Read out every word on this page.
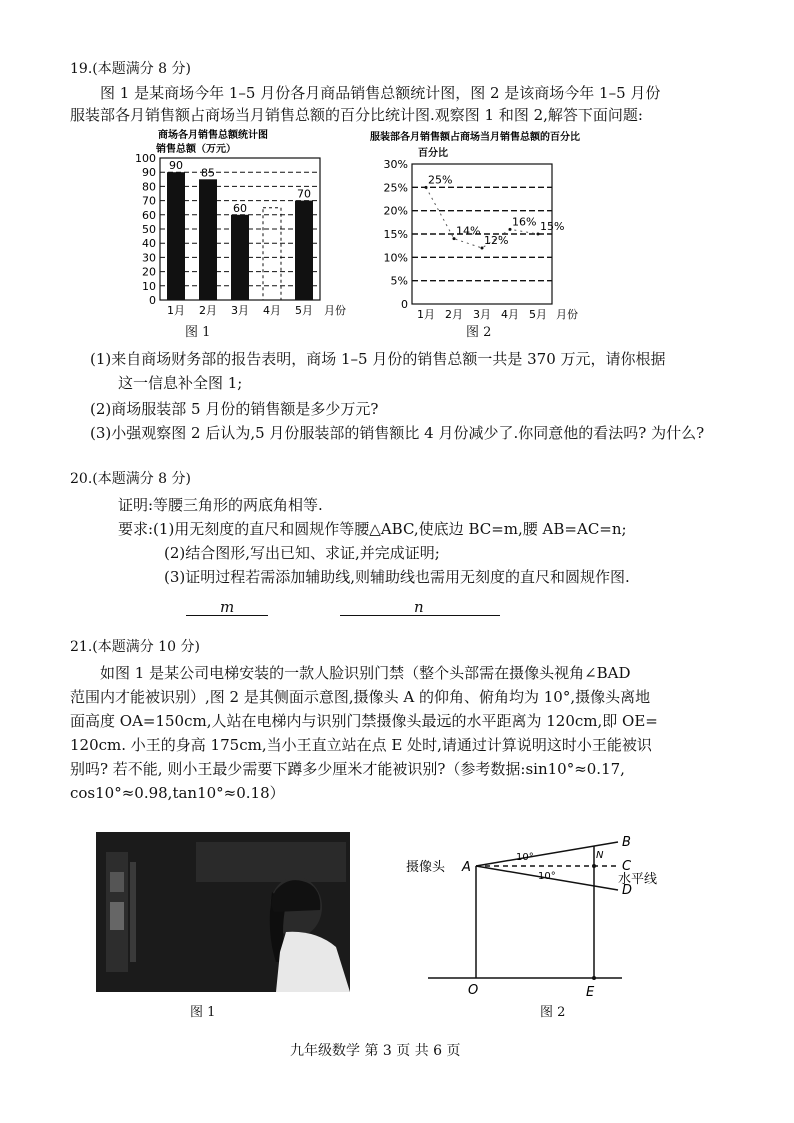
19.(本题满分 8 分)
图 1 是某商场今年 1–5 月份各月商品销售总额统计图，图 2 是该商场今年 1–5 月份
服装部各月销售额占商场当月销售总额的百分比统计图.观察图 1 和图 2,解答下面问题:
商场各月销售总额统计图
销售总额（万元）
0
10
20
30
40
50
60
70
80
90
100
90
1月
85
2月
60
3月 4月
70
5月 月份
图 1
服装部各月销售额占商场当月销售总额的百分比
百分比
0
5%
10%
15%
20%
25%
30%
25%
1月
14%
2月
12%
3月
16%
4月
15%
5月 月份
图 2
(1)来自商场财务部的报告表明，商场 1–5 月份的销售总额一共是 370 万元，请你根据
这一信息补全图 1;
(2)商场服装部 5 月份的销售额是多少万元?
(3)小强观察图 2 后认为,5 月份服装部的销售额比 4 月份减少了.你同意他的看法吗? 为什么?
20.(本题满分 8 分)
证明:等腰三角形的两底角相等.
要求:(1)用无刻度的直尺和圆规作等腰△ABC,使底边 BC=m,腰 AB=AC=n;
(2)结合图形,写出已知、求证,并完成证明;
(3)证明过程若需添加辅助线,则辅助线也需用无刻度的直尺和圆规作图.
m	n
21.(本题满分 10 分)
如图 1 是某公司电梯安装的一款人脸识别门禁（整个头部需在摄像头视角∠BAD
范围内才能被识别）,图 2 是其侧面示意图,摄像头 A 的仰角、俯角均为 10°,摄像头离地
面高度 OA=150cm,人站在电梯内与识别门禁摄像头最远的水平距离为 120cm,即 OE=
120cm. 小王的身高 175cm,当小王直立站在点 E 处时,请通过计算说明这时小王能被识
别吗? 若不能, 则小王最少需要下蹲多少厘米才能被识别?（参考数据:sin10°≈0.17,
cos10°≈0.98,tan10°≈0.18）
图 1
摄像头 A
B
C
D
N
水平线
10°
10°
O	E
图 2
九年级数学 第 3 页 共 6 页
